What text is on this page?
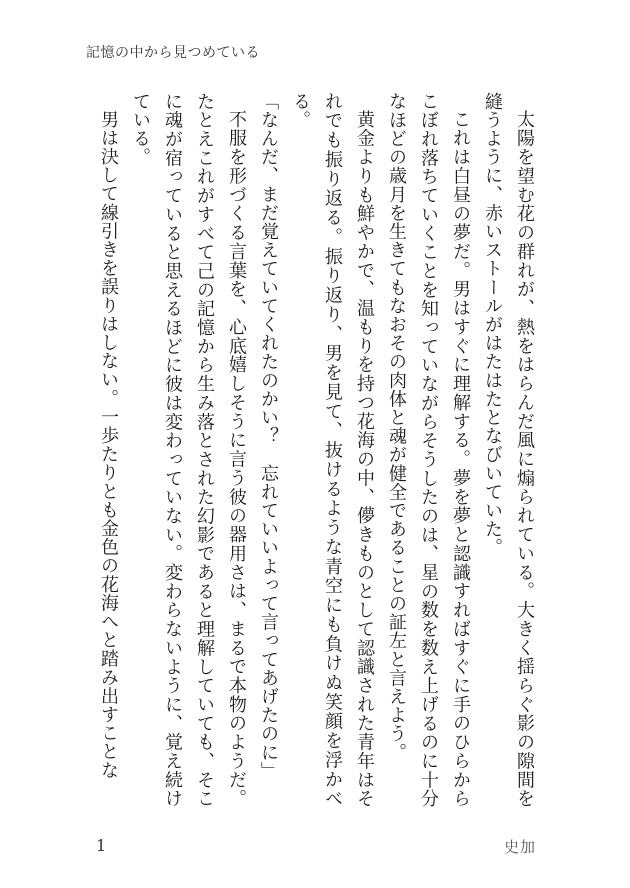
記憶の中から見つめている

太陽を望む花の群れが、熱をはらんだ風に煽られている。大きく揺らぐ影の隙間を縫うように、赤いストールがはたはたとなびいていた。

これは白昼の夢だ。男はすぐに理解する。夢を夢と認識すればすぐに手のひらからこぼれ落ちていくことを知っていながらそうしたのは、星の数を数え上げるのに十分なほどの歳月を生きてもなおその肉体と魂が健全であることの証左と言えよう。

黄金よりも鮮やかで、温もりを持つ花海の中、儚きものとして認識された青年はそれでも振り返る。振り返り、男を見て、抜けるような青空にも負けぬ笑顔を浮かべる。

「なんだ、まだ覚えていてくれたのかい？　忘れていいよって言ってあげたのに」

不服を形づくる言葉を、心底嬉しそうに言う彼の器用さは、まるで本物のようだ。たとえこれがすべて己の記憶から生み落とされた幻影であると理解していても、そこに魂が宿っていると思えるほどに彼は変わっていない。変わらないように、覚え続けている。

男は決して線引きを誤りはしない。一歩たりとも金色の花海へと踏み出すことな

1	史加
